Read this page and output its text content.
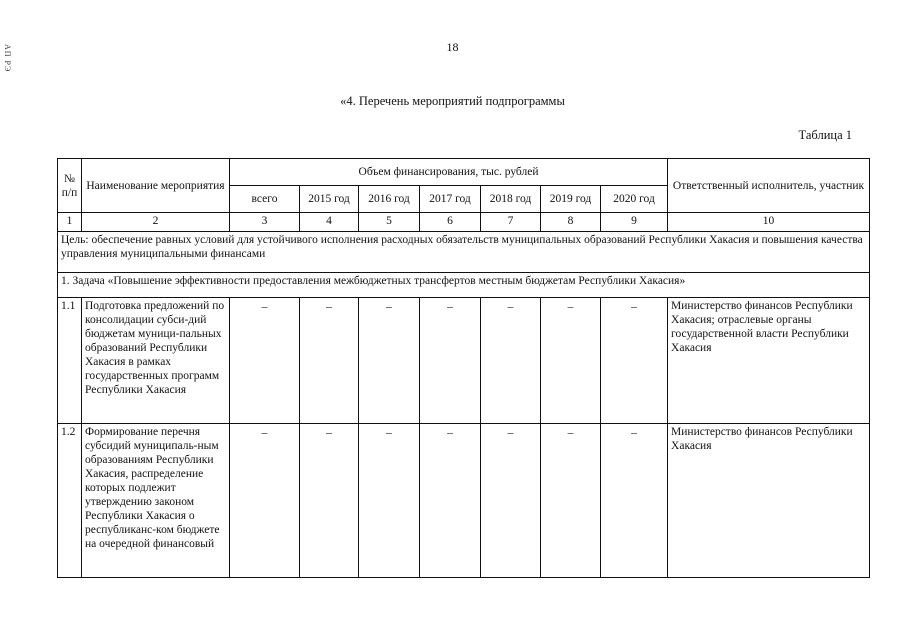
АП РЭ	18
«4. Перечень мероприятий подпрограммы
Таблица 1
№ п/п	Наименование мероприятия	Объем финансирования, тыс. рублей							Ответственный исполнитель, участник
		всего	2015 год	2016 год	2017 год	2018 год	2019 год	2020 год	
1	2	3	4	5	6	7	8	9	10
Цель: обеспечение равных условий для устойчивого исполнения расходных обязательств муниципальных образований Республики Хакасия и повышения качества управления муниципальными финансами									
1. Задача «Повышение эффективности предоставления межбюджетных трансфертов местным бюджетам Республики Хакасия»									
1.1	Подготовка предложений по консолидации субси-дий бюджетам муници-пальных образований Республики Хакасия в рамках государственных программ Республики Хакасия	–	–	–	–	–	–	–	Министерство финансов Республики Хакасия; отраслевые органы государственной власти Республики Хакасия
1.2	Формирование перечня субсидий муниципаль-ным образованиям Республики Хакасия, распределение которых подлежит утверждению законом Республики Хакасия о республиканс-ком бюджете на очередной финансовый	–	–	–	–	–	–	–	Министерство финансов Республики Хакасия
